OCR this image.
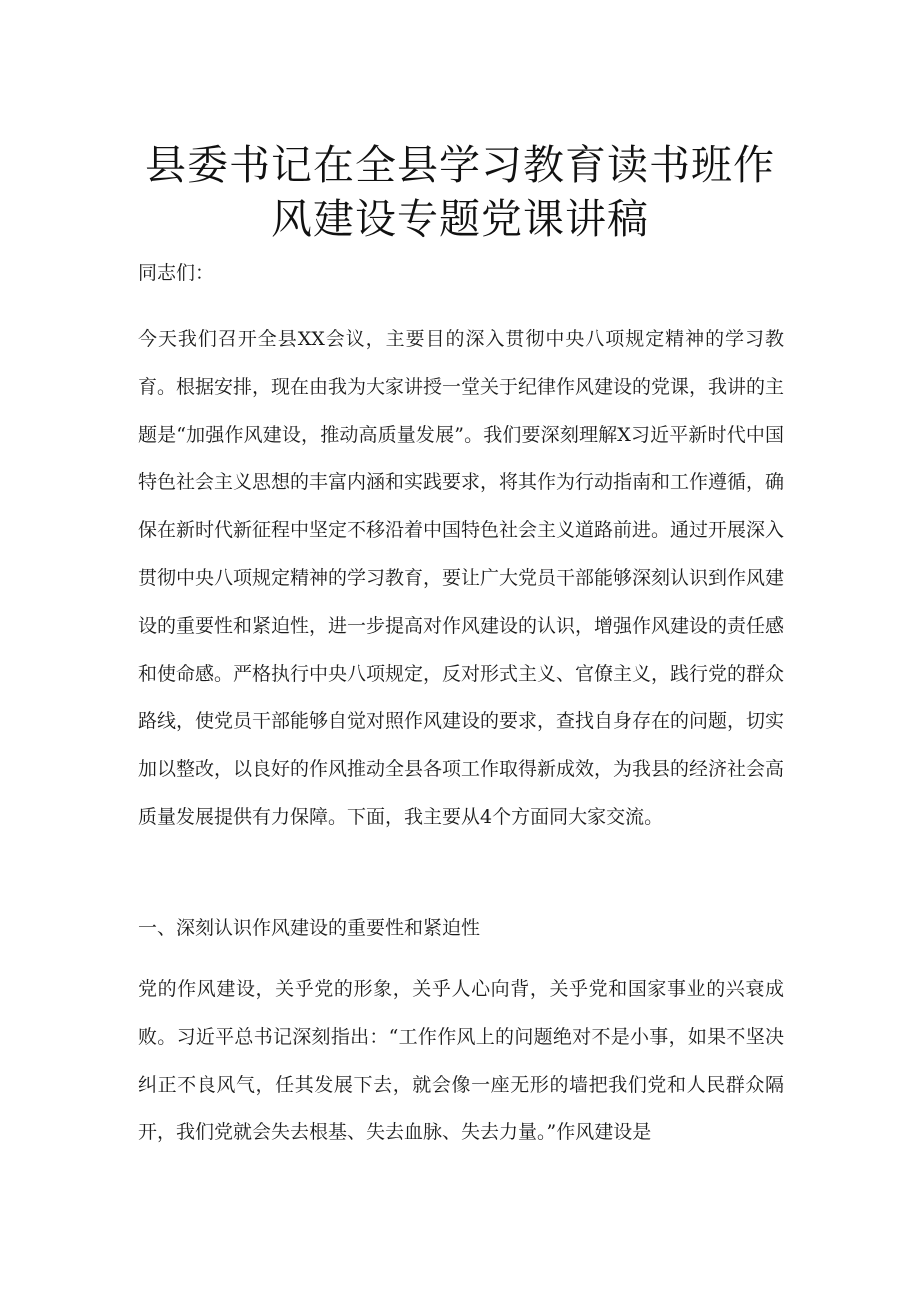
县委书记在全县学习教育读书班作风建设专题党课讲稿

同志们：

今天我们召开全县XX会议，主要目的深入贯彻中央八项规定精神的学习教育。根据安排，现在由我为大家讲授一堂关于纪律作风建设的党课，我讲的主题是“加强作风建设，推动高质量发展”。我们要深刻理解X习近平新时代中国特色社会主义思想的丰富内涵和实践要求，将其作为行动指南和工作遵循，确保在新时代新征程中坚定不移沿着中国特色社会主义道路前进。通过开展深入贯彻中央八项规定精神的学习教育，要让广大党员干部能够深刻认识到作风建设的重要性和紧迫性，进一步提高对作风建设的认识，增强作风建设的责任感和使命感。严格执行中央八项规定，反对形式主义、官僚主义，践行党的群众路线，使党员干部能够自觉对照作风建设的要求，查找自身存在的问题，切实加以整改，以良好的作风推动全县各项工作取得新成效，为我县的经济社会高质量发展提供有力保障。下面，我主要从4个方面同大家交流。

一、深刻认识作风建设的重要性和紧迫性

党的作风建设，关乎党的形象，关乎人心向背，关乎党和国家事业的兴衰成败。习近平总书记深刻指出：“工作作风上的问题绝对不是小事，如果不坚决纠正不良风气，任其发展下去，就会像一座无形的墙把我们党和人民群众隔开，我们党就会失去根基、失去血脉、失去力量。”作风建设是
